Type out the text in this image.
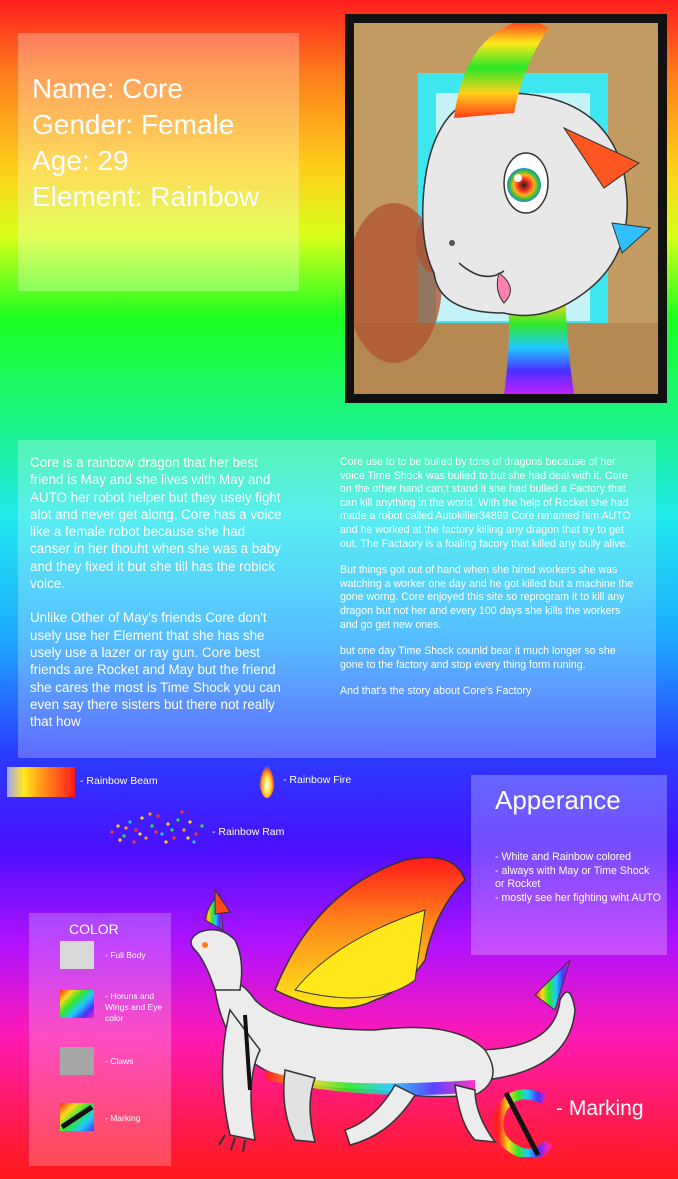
Name: Core
Gender: Female
Age: 29
Element: Rainbow

Core is a rainbow dragon that her best friend is May and she lives with May and AUTO her robot helper but they usely fight alot and never get along. Core has a voice like a female robot because she had canser in her thouht when she was a baby and they fixed it but she till has the robick voice.

Unlike Other of May's friends Core don't usely use her Element that she has she usely use a lazer or ray gun. Core best friends are Rocket and May but the friend she cares the most is Time Shock you can even say there sisters but there not really that how

Core use to to be builed by tons of dragons because of her voice Time Shock was bulied to but she had deal with it. Core on the other hand can;t stand it she had bulled a Factory that can kill anything in the world. With the help of Rocket she had made a robot called Autokiller34899 Core renamed him AUTO and he worked at the factory killing any dragon that try to get out. The Factaory is a foaling facory that killed any bully alive.

But things got out of hand when she hired workers she was watching a worker one day and he got killed but a machine the gone worng. Core enjoyed this site so reprogram it to kill any dragon but not her and every 100 days she kills the workers and go get new ones.

but one day Time Shock counld bear it much longer so she gone to the factory and stop every thing form runing.

And that's the story about Core's Factory

- Rainbow Beam	- Rainbow Fire
- Rainbow Ram
Apperance
- White and Rainbow colored
- always with May or Time Shock or Rocket
- mostly see her fighting wiht AUTO
COLOR
- Full Body
- Horuns and Wings and Eye color
- Claws
- Marking	- Marking
